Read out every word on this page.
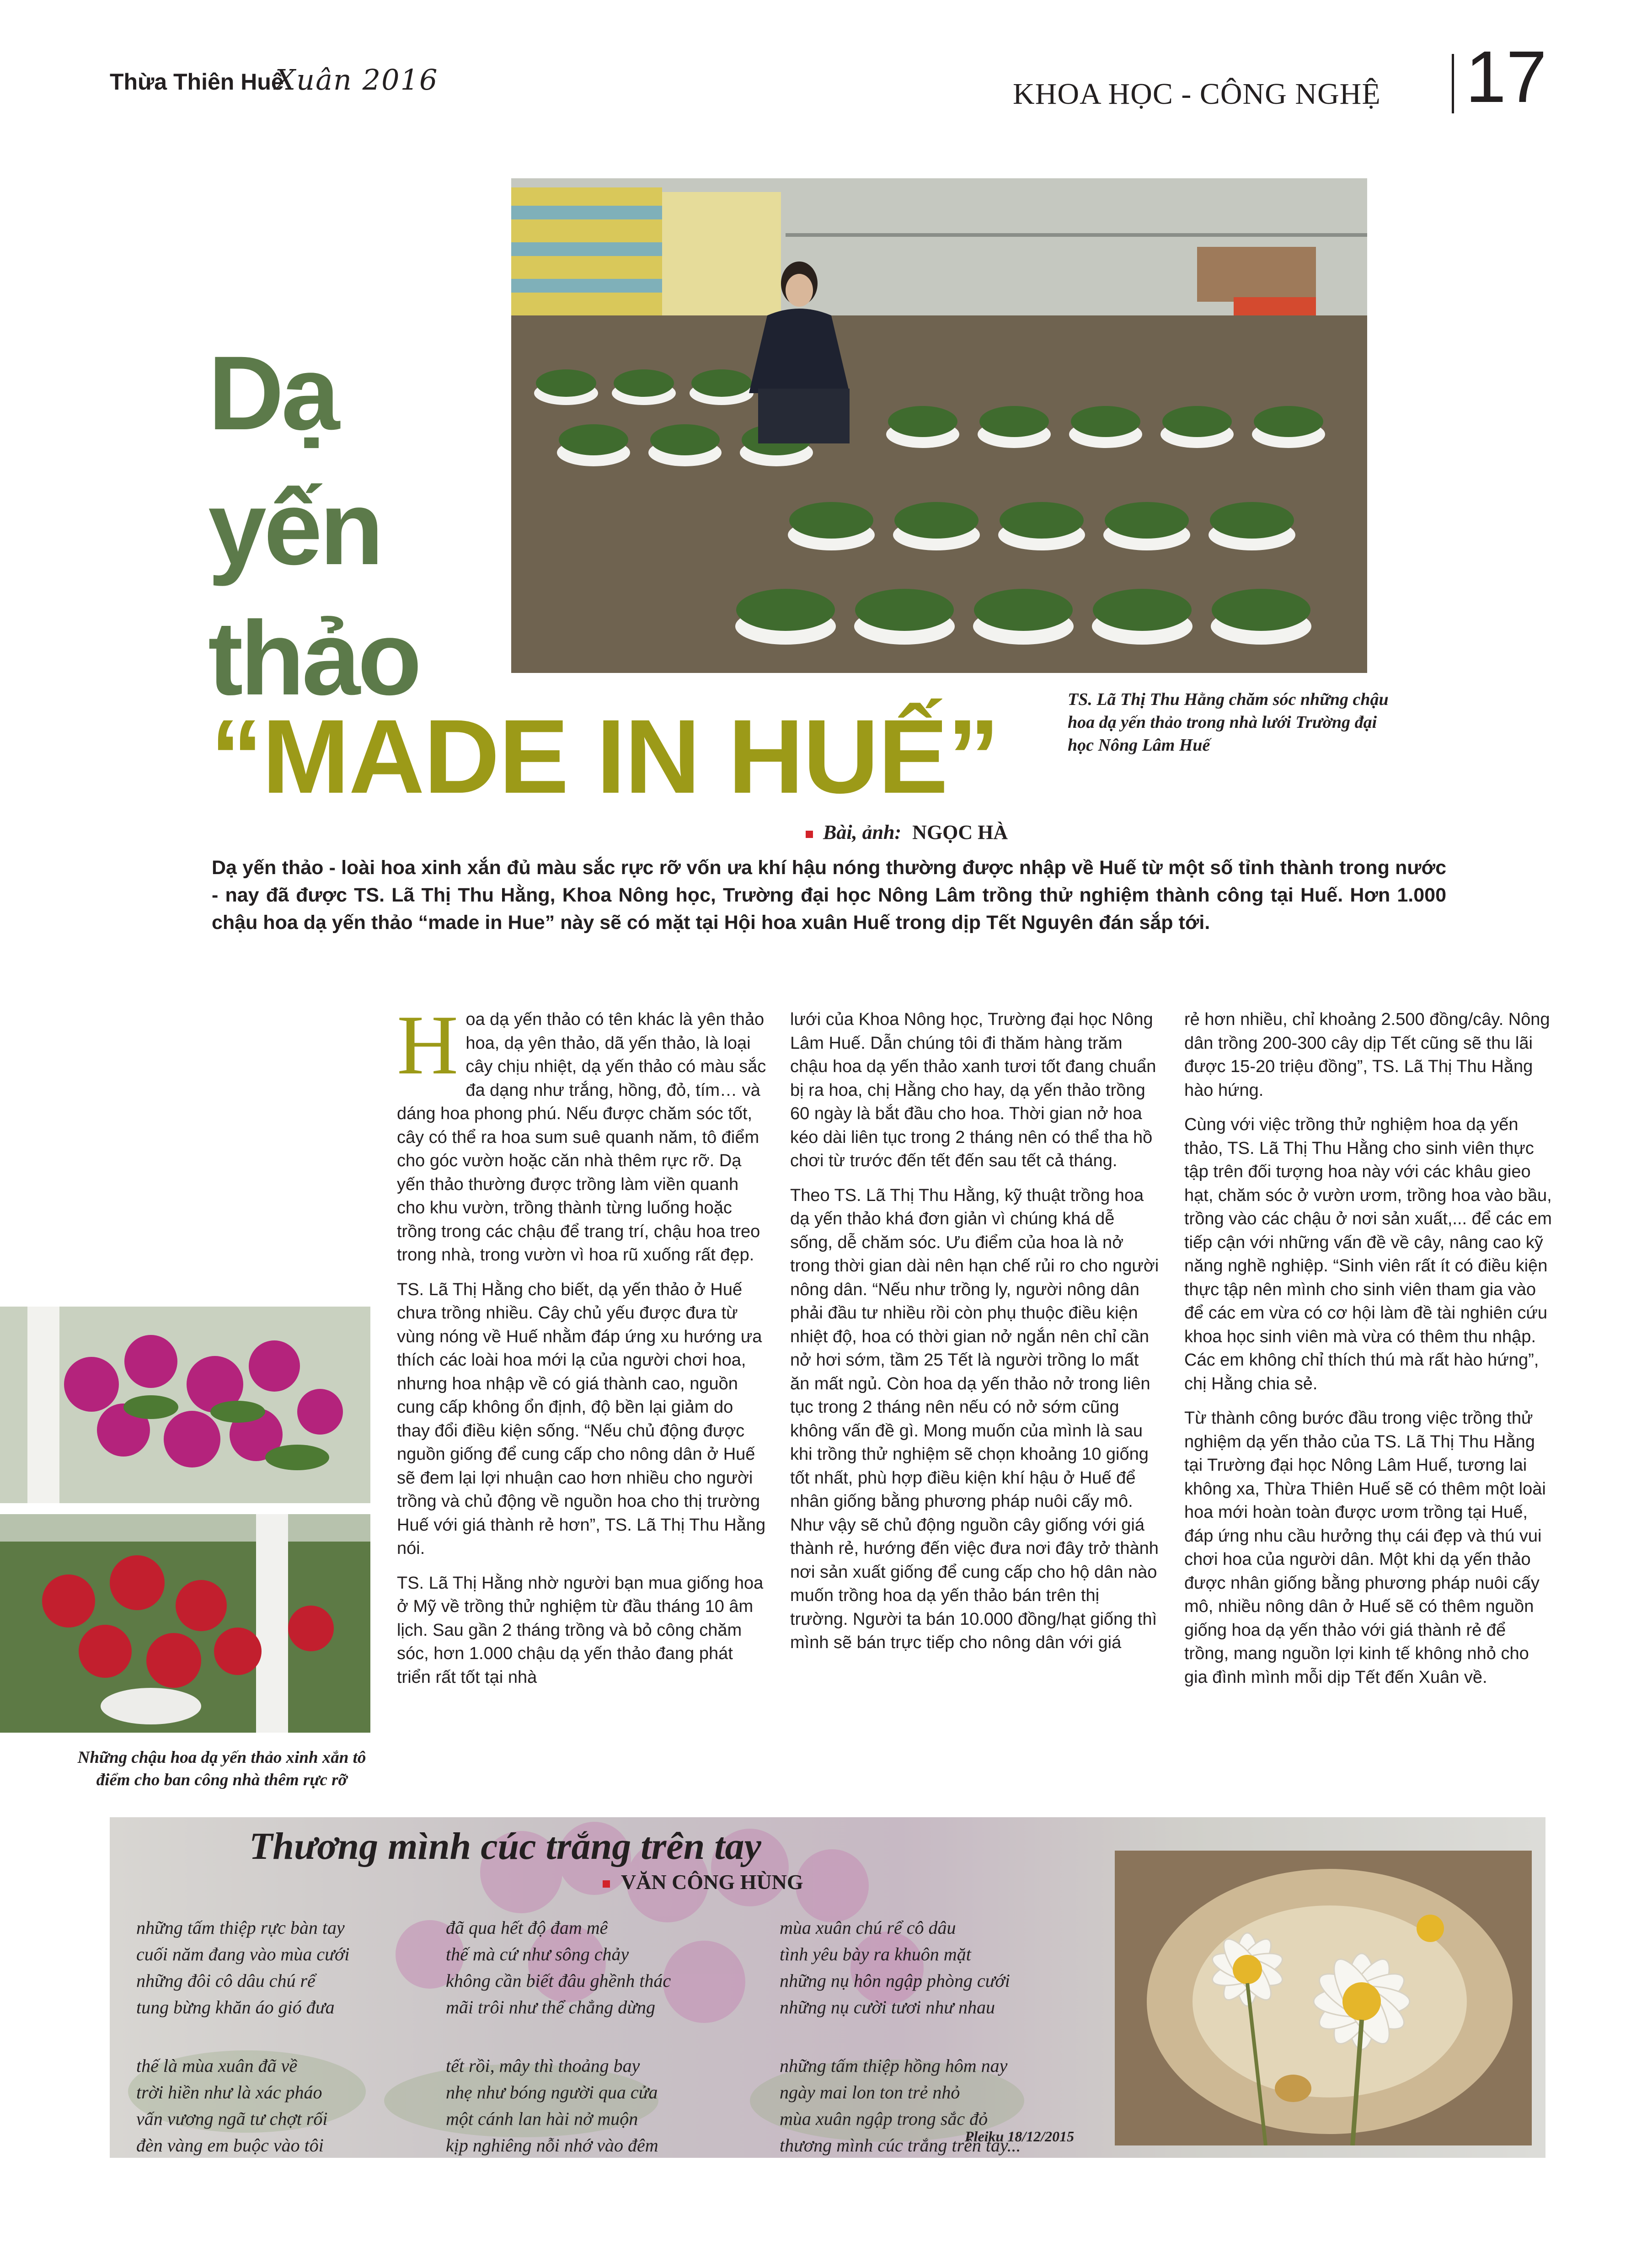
Thừa Thiên Huế
Xuân 2016	KHOA HỌC - CÔNG NGHỆ 17
Dạ
yến
thảo
“MADE IN HUẾ”	TS. Lã Thị Thu Hằng chăm sóc những chậu hoa dạ yến thảo trong nhà lưới Trường đại học Nông Lâm Huế
Bài, ảnh: NGỌC HÀ
Dạ yến thảo - loài hoa xinh xắn đủ màu sắc rực rỡ vốn ưa khí hậu nóng thường được nhập về Huế từ một số tỉnh thành trong nước - nay đã được TS. Lã Thị Thu Hằng, Khoa Nông học, Trường đại học Nông Lâm trồng thử nghiệm thành công tại Huế. Hơn 1.000 chậu hoa dạ yến thảo “made in Hue” này sẽ có mặt tại Hội hoa xuân Huế trong dịp Tết Nguyên đán sắp tới.
Những chậu hoa dạ yến thảo xinh xắn tô điểm cho ban công nhà thêm rực rỡ

Hoa dạ yến thảo có tên khác là yên thảo hoa, dạ yên thảo, dã yến thảo, là loại cây chịu nhiệt, dạ yến thảo có màu sắc đa dạng như trắng, hồng, đỏ, tím… và dáng hoa phong phú. Nếu được chăm sóc tốt, cây có thể ra hoa sum suê quanh năm, tô điểm cho góc vườn hoặc căn nhà thêm rực rỡ. Dạ yến thảo thường được trồng làm viền quanh cho khu vườn, trồng thành từng luống hoặc trồng trong các chậu để trang trí, chậu hoa treo trong nhà, trong vườn vì hoa rũ xuống rất đẹp.

TS. Lã Thị Hằng cho biết, dạ yến thảo ở Huế chưa trồng nhiều. Cây chủ yếu được đưa từ vùng nóng về Huế nhằm đáp ứng xu hướng ưa thích các loài hoa mới lạ của người chơi hoa, nhưng hoa nhập về có giá thành cao, nguồn cung cấp không ổn định, độ bền lại giảm do thay đổi điều kiện sống. “Nếu chủ động được nguồn giống để cung cấp cho nông dân ở Huế sẽ đem lại lợi nhuận cao hơn nhiều cho người trồng và chủ động về nguồn hoa cho thị trường Huế với giá thành rẻ hơn”, TS. Lã Thị Thu Hằng nói.

TS. Lã Thị Hằng nhờ người bạn mua giống hoa ở Mỹ về trồng thử nghiệm từ đầu tháng 10 âm lịch. Sau gần 2 tháng trồng và bỏ công chăm sóc, hơn 1.000 chậu dạ yến thảo đang phát triển rất tốt tại nhà

lưới của Khoa Nông học, Trường đại học Nông Lâm Huế. Dẫn chúng tôi đi thăm hàng trăm chậu hoa dạ yến thảo xanh tươi tốt đang chuẩn bị ra hoa, chị Hằng cho hay, dạ yến thảo trồng 60 ngày là bắt đầu cho hoa. Thời gian nở hoa kéo dài liên tục trong 2 tháng nên có thể tha hồ chơi từ trước đến tết đến sau tết cả tháng.

Theo TS. Lã Thị Thu Hằng, kỹ thuật trồng hoa dạ yến thảo khá đơn giản vì chúng khá dễ sống, dễ chăm sóc. Ưu điểm của hoa là nở trong thời gian dài nên hạn chế rủi ro cho người nông dân. “Nếu như trồng ly, người nông dân phải đầu tư nhiều rồi còn phụ thuộc điều kiện nhiệt độ, hoa có thời gian nở ngắn nên chỉ cần nở hơi sớm, tầm 25 Tết là người trồng lo mất ăn mất ngủ. Còn hoa dạ yến thảo nở trong liên tục trong 2 tháng nên nếu có nở sớm cũng không vấn đề gì. Mong muốn của mình là sau khi trồng thử nghiệm sẽ chọn khoảng 10 giống tốt nhất, phù hợp điều kiện khí hậu ở Huế để nhân giống bằng phương pháp nuôi cấy mô. Như vậy sẽ chủ động nguồn cây giống với giá thành rẻ, hướng đến việc đưa nơi đây trở thành nơi sản xuất giống để cung cấp cho hộ dân nào muốn trồng hoa dạ yến thảo bán trên thị trường. Người ta bán 10.000 đồng/hạt giống thì mình sẽ bán trực tiếp cho nông dân với giá

rẻ hơn nhiều, chỉ khoảng 2.500 đồng/cây. Nông dân trồng 200-300 cây dịp Tết cũng sẽ thu lãi được 15-20 triệu đồng”, TS. Lã Thị Thu Hằng hào hứng.

Cùng với việc trồng thử nghiệm hoa dạ yến thảo, TS. Lã Thị Thu Hằng cho sinh viên thực tập trên đối tượng hoa này với các khâu gieo hạt, chăm sóc ở vườn ươm, trồng hoa vào bầu, trồng vào các chậu ở nơi sản xuất,... để các em tiếp cận với những vấn đề về cây, nâng cao kỹ năng nghề nghiệp. “Sinh viên rất ít có điều kiện thực tập nên mình cho sinh viên tham gia vào để các em vừa có cơ hội làm đề tài nghiên cứu khoa học sinh viên mà vừa có thêm thu nhập. Các em không chỉ thích thú mà rất hào hứng”, chị Hằng chia sẻ.

Từ thành công bước đầu trong việc trồng thử nghiệm dạ yến thảo của TS. Lã Thị Thu Hằng tại Trường đại học Nông Lâm Huế, tương lai không xa, Thừa Thiên Huế sẽ có thêm một loài hoa mới hoàn toàn được ươm trồng tại Huế, đáp ứng nhu cầu hưởng thụ cái đẹp và thú vui chơi hoa của người dân. Một khi dạ yến thảo được nhân giống bằng phương pháp nuôi cấy mô, nhiều nông dân ở Huế sẽ có thêm nguồn giống hoa dạ yến thảo với giá thành rẻ để trồng, mang nguồn lợi kinh tế không nhỏ cho gia đình mình mỗi dịp Tết đến Xuân về.

Thương mình cúc trắng trên tay
VĂN CÔNG HÙNG
những tấm thiệp rực bàn tay
cuối năm đang vào mùa cưới
những đôi cô dâu chú rể
tung bừng khăn áo gió đưa
thế là mùa xuân đã về
trời hiền như là xác pháo
vấn vương ngã tư chợt rối
đèn vàng em buộc vào tôi
đã qua hết độ đam mê
thế mà cứ như sông chảy
không cần biết đâu ghềnh thác
mãi trôi như thể chẳng dừng
tết rồi, mây thì thoảng bay
nhẹ như bóng người qua cửa
một cánh lan hài nở muộn
kịp nghiêng nỗi nhớ vào đêm
mùa xuân chú rể cô dâu
tình yêu bày ra khuôn mặt
những nụ hôn ngập phòng cưới
những nụ cười tươi như nhau
những tấm thiệp hồng hôm nay
ngày mai lon ton trẻ nhỏ
mùa xuân ngập trong sắc đỏ
thương mình cúc trắng trên tay...
Pleiku 18/12/2015
